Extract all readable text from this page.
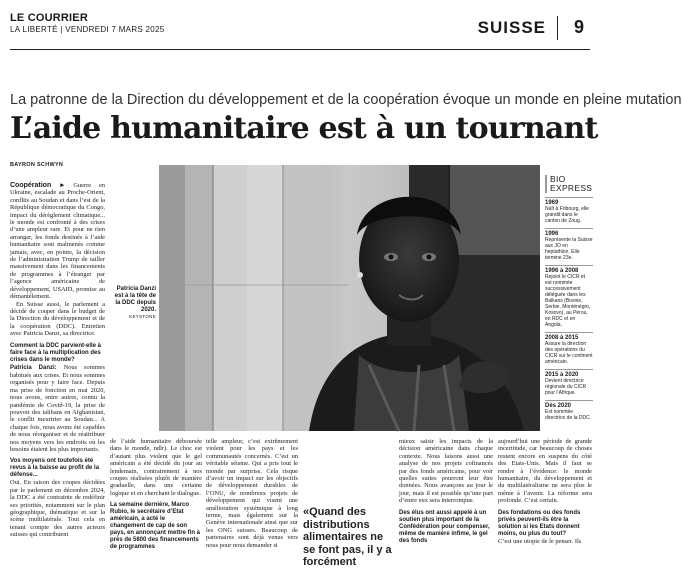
LE COURRIER
LA LIBERTÉ | VENDREDI 7 MARS 2025	SUISSE 9
La patronne de la Direction du développement et de la coopération évoque un monde en pleine mutation
L’aide humanitaire est à un tournant
BAYRON SCHWYN

Coopération ► Guerre en Ukraine, escalade au Proche-Orient, conflits au Soudan et dans l’est de la République démocratique du Congo, impact du dérèglement climatique... le monde est confronté à des crises d’une ampleur rare. Et pour ne rien arranger, les fonds destinés à l’aide humanitaire sont malmenés comme jamais, avec, en pointe, la décision de l’administration Trump de tailler massivement dans les financements de programmes à l’étranger par l’agence américaine de développement, USAID, promise au démantèlement.

En Suisse aussi, le parlement a décidé de couper dans le budget de la Direction du développement et de la coopération (DDC). Entretien avec Patricia Danzi, sa directrice.

Comment la DDC parvient-elle à faire face à la multiplication des crises dans le monde?

Patricia Danzi: Nous sommes habitués aux crises. Et nous sommes organisés pour y faire face. Depuis ma prise de fonction en mai 2020, nous avons, entre autres, connu la pandémie de Covid-19, la prise de pouvoir des talibans en Afghanistan, le conflit meurtrier au Soudan... A chaque fois, nous avons été capables de nous réorganiser et de réattribuer nos moyens vers les endroits où les besoins étaient les plus importants.

Vos moyens ont toutefois été revus à la baisse au profit de la défense...

Oui. En raison des coupes décidées par le parlement en décembre 2024, la DDC a été contrainte de redéfinir ses priorités, notamment sur le plan géographique, thématique et sur la scène multilatérale. Tout cela en tenant compte des autres acteurs suisses qui contribuent

Patricia Danzi est à la tête de la DDC depuis 2020.
KEYSTONE
BIO EXPRESS
1969
Naît à Fribourg, elle grandit dans le canton de Zoug.
1996
Représente la Suisse aux JO en heptathlon. Elle termine 23e.
1996 à 2008
Rejoint le CICR et est nommée successivement déléguée dans les Balkans (Bosnie, Serbie, Monténégro, Kosovo), au Pérou, en RDC et en Angola.
2008 à 2015
Assure la direction des opérations du CICR sur le continent américain.
2015 à 2020
Devient directrice régionale du CICR pour l’Afrique.
Dès 2020
Est nommée directrice de la DDC.

de l’aide humanitaire déboursée dans le monde, ndlr). Le choc est d’autant plus violent que le gel américain a été décidé du jour au lendemain, contrairement à nos coupes réalisées plutôt de manière graduelle, dans une certaine logique et en cherchant le dialogue.

La semaine dernière, Marco Rubio, le secrétaire d’Etat américain, a acté le changement de cap de son pays, en annonçant mettre fin à près de 5800 des financements de programmes

telle ampleur, c’est extrêmement violent pour les pays et les communautés concernés. C’est un véritable séisme. Qui a pris tout le monde par surprise. Cela risque d’avoir un impact sur les objectifs de développement durables de l’ONU, de nombreux projets de développement qui visent une amélioration systémique à long terme, mais également sur la Genève internationale ainsi que sur les ONG suisses. Beaucoup de partenaires sont déjà venus vers nous pour nous demander si

«Quand des distributions alimentaires ne se font pas, il y a forcément

mieux saisir les impacts de la décision américaine dans chaque contexte. Nous faisons aussi une analyse de nos projets cofinancés par des fonds américains, pour voir quelles suites pourront leur être données. Nous avançons au jour le jour, mais il est possible qu’une part d’entre eux sera interrompue.

Des élus ont aussi appelé à un soutien plus important de la Confédération pour compenser, même de manière infime, le gel des fonds

aujourd’hui une période de grande incertitude, car beaucoup de choses restent encore en suspens du côté des Etats-Unis. Mais il faut se rendre à l’évidence: le monde humanitaire, du développement et du multilatéralisme ne sera plus le même à l’avenir. La réforme sera profonde. C’est certain.

Des fondations ou des fonds privés peuvent-ils être la solution si les Etats donnent moins, ou plus du tout?

C’est une utopie de le penser. Ils
